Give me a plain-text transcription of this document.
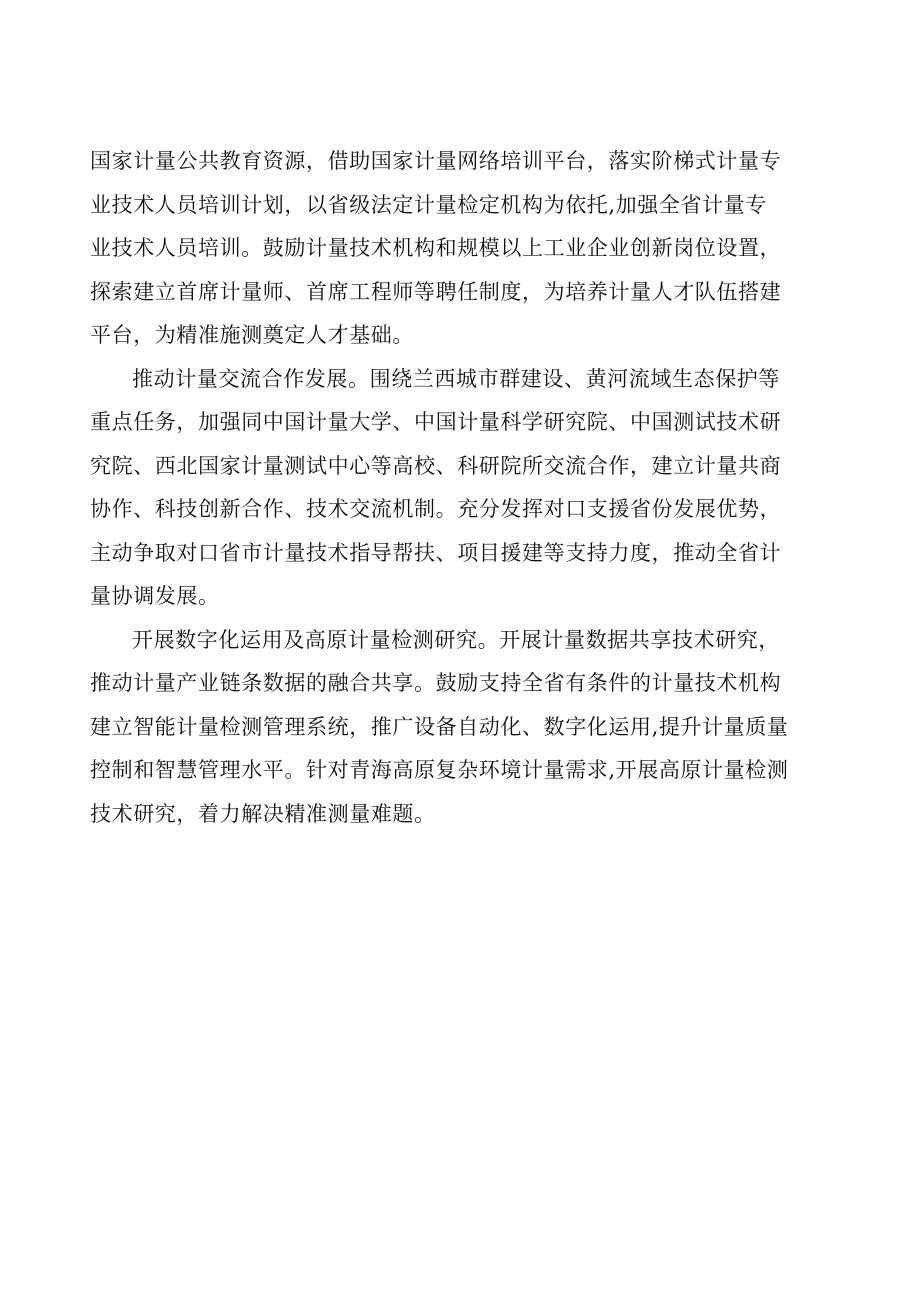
国家计量公共教育资源，借助国家计量网络培训平台，落实阶梯式计量专
业技术人员培训计划，以省级法定计量检定机构为依托,加强全省计量专
业技术人员培训。鼓励计量技术机构和规模以上工业企业创新岗位设置，
探索建立首席计量师、首席工程师等聘任制度，为培养计量人才队伍搭建
平台，为精准施测奠定人才基础。
推动计量交流合作发展。围绕兰西城市群建设、黄河流域生态保护等
重点任务，加强同中国计量大学、中国计量科学研究院、中国测试技术研
究院、西北国家计量测试中心等高校、科研院所交流合作，建立计量共商
协作、科技创新合作、技术交流机制。充分发挥对口支援省份发展优势，
主动争取对口省市计量技术指导帮扶、项目援建等支持力度，推动全省计
量协调发展。
开展数字化运用及高原计量检测研究。开展计量数据共享技术研究，
推动计量产业链条数据的融合共享。鼓励支持全省有条件的计量技术机构
建立智能计量检测管理系统，推广设备自动化、数字化运用,提升计量质量
控制和智慧管理水平。针对青海高原复杂环境计量需求,开展高原计量检测
技术研究，着力解决精准测量难题。
